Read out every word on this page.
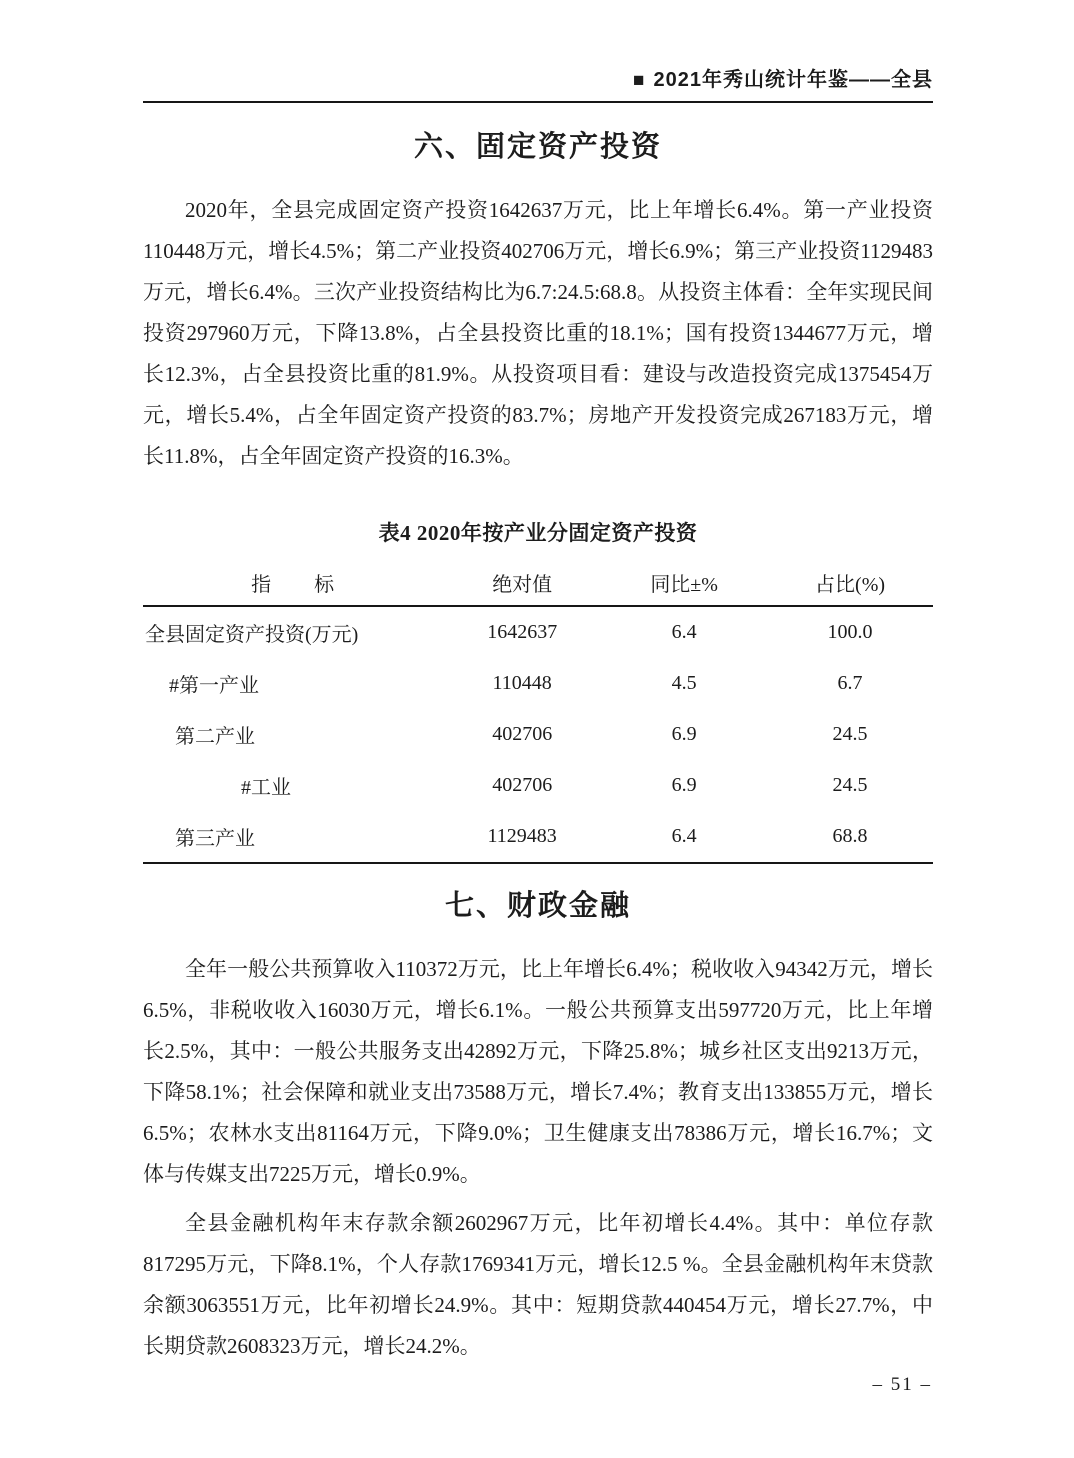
■ 2021年秀山统计年鉴——全县
六、固定资产投资

2020年，全县完成固定资产投资1642637万元，比上年增长6.4%。第一产业投资110448万元，增长4.5%；第二产业投资402706万元，增长6.9%；第三产业投资1129483万元，增长6.4%。三次产业投资结构比为6.7:24.5:68.8。从投资主体看：全年实现民间投资297960万元，下降13.8%，占全县投资比重的18.1%；国有投资1344677万元，增长12.3%，占全县投资比重的81.9%。从投资项目看：建设与改造投资完成1375454万元，增长5.4%，占全年固定资产投资的83.7%；房地产开发投资完成267183万元，增长11.8%，占全年固定资产投资的16.3%。

表4 2020年按产业分固定资产投资
指　　标	绝对值	同比±%	占比(%)
全县固定资产投资(万元)	1642637	6.4	100.0
#第一产业	110448	4.5	6.7
第二产业	402706	6.9	24.5
#工业	402706	6.9	24.5
第三产业	1129483	6.4	68.8
七、财政金融

全年一般公共预算收入110372万元，比上年增长6.4%；税收收入94342万元，增长6.5%，非税收收入16030万元，增长6.1%。一般公共预算支出597720万元，比上年增长2.5%，其中：一般公共服务支出42892万元，下降25.8%；城乡社区支出9213万元，下降58.1%；社会保障和就业支出73588万元，增长7.4%；教育支出133855万元，增长6.5%；农林水支出81164万元，下降9.0%；卫生健康支出78386万元，增长16.7%；文体与传媒支出7225万元，增长0.9%。

全县金融机构年末存款余额2602967万元，比年初增长4.4%。其中：单位存款817295万元，下降8.1%，个人存款1769341万元，增长12.5 %。全县金融机构年末贷款余额3063551万元，比年初增长24.9%。其中：短期贷款440454万元，增长27.7%，中长期贷款2608323万元，增长24.2%。

– 51 –
